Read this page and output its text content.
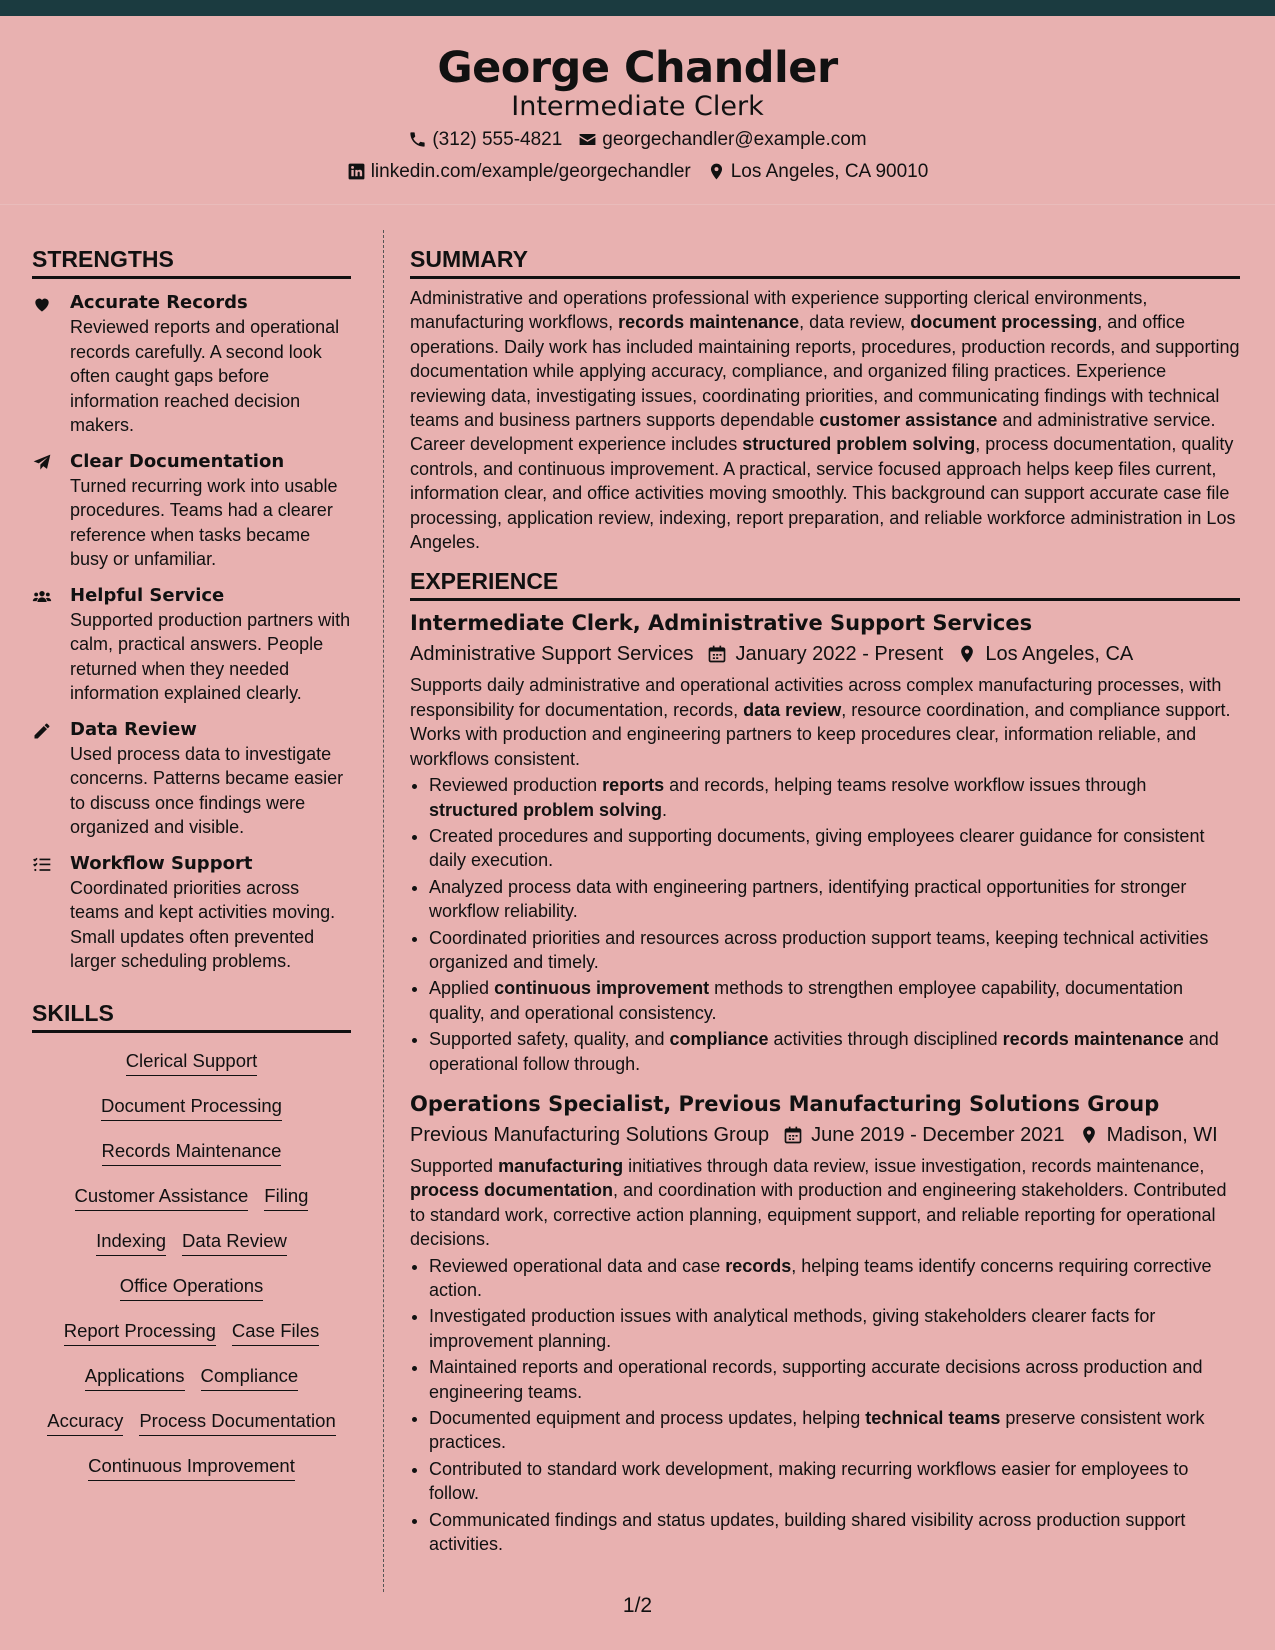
George Chandler
Intermediate Clerk
(312) 555-4821 georgechandler@example.com
linkedin.com/example/georgechandler Los Angeles, CA 90010
STRENGTHS
Accurate Records
Reviewed reports and operational records carefully. A second look often caught gaps before information reached decision makers.
Clear Documentation
Turned recurring work into usable procedures. Teams had a clearer reference when tasks became busy or unfamiliar.
Helpful Service
Supported production partners with calm, practical answers. People returned when they needed information explained clearly.
Data Review
Used process data to investigate concerns. Patterns became easier to discuss once findings were organized and visible.
Workflow Support
Coordinated priorities across teams and kept activities moving. Small updates often prevented larger scheduling problems.
SKILLS
Clerical Support
Document Processing
Records Maintenance
Customer Assistance Filing
Indexing Data Review
Office Operations
Report Processing Case Files
Applications Compliance
Accuracy Process Documentation
Continuous Improvement
SUMMARY
Administrative and operations professional with experience supporting clerical environments, manufacturing workflows, records maintenance, data review, document processing, and office operations. Daily work has included maintaining reports, procedures, production records, and supporting documentation while applying accuracy, compliance, and organized filing practices. Experience reviewing data, investigating issues, coordinating priorities, and communicating findings with technical teams and business partners supports dependable customer assistance and administrative service. Career development experience includes structured problem solving, process documentation, quality controls, and continuous improvement. A practical, service focused approach helps keep files current, information clear, and office activities moving smoothly. This background can support accurate case file processing, application review, indexing, report preparation, and reliable workforce administration in Los Angeles.
EXPERIENCE
Intermediate Clerk, Administrative Support Services
Administrative Support Services January 2022 - Present Los Angeles, CA
Supports daily administrative and operational activities across complex manufacturing processes, with responsibility for documentation, records, data review, resource coordination, and compliance support. Works with production and engineering partners to keep procedures clear, information reliable, and workflows consistent.
• Reviewed production reports and records, helping teams resolve workflow issues through structured problem solving.
• Created procedures and supporting documents, giving employees clearer guidance for consistent daily execution.
• Analyzed process data with engineering partners, identifying practical opportunities for stronger workflow reliability.
• Coordinated priorities and resources across production support teams, keeping technical activities organized and timely.
• Applied continuous improvement methods to strengthen employee capability, documentation quality, and operational consistency.
• Supported safety, quality, and compliance activities through disciplined records maintenance and operational follow through.
Operations Specialist, Previous Manufacturing Solutions Group
Previous Manufacturing Solutions Group June 2019 - December 2021 Madison, WI
Supported manufacturing initiatives through data review, issue investigation, records maintenance, process documentation, and coordination with production and engineering stakeholders. Contributed to standard work, corrective action planning, equipment support, and reliable reporting for operational decisions.
• Reviewed operational data and case records, helping teams identify concerns requiring corrective action.
• Investigated production issues with analytical methods, giving stakeholders clearer facts for improvement planning.
• Maintained reports and operational records, supporting accurate decisions across production and engineering teams.
• Documented equipment and process updates, helping technical teams preserve consistent work practices.
• Contributed to standard work development, making recurring workflows easier for employees to follow.
• Communicated findings and status updates, building shared visibility across production support activities.
1/2
